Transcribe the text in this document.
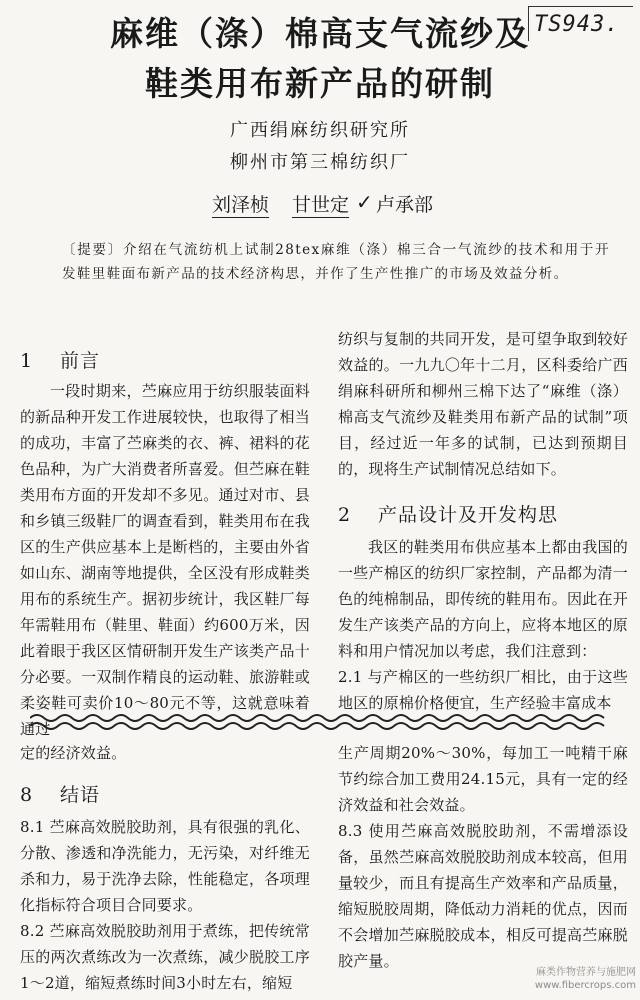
TS943.
麻维（涤）棉高支气流纱及
鞋类用布新产品的研制
广西绢麻纺织研究所
柳州市第三棉纺织厂
刘泽桢 甘世定 ✓ 卢承部
〔提要〕介绍在气流纺机上试制28tex麻维（涤）棉三合一气流纱的技术和用于开发鞋里鞋面布新产品的技术经济构思，并作了生产性推广的市场及效益分析。
1 前言

一段时期来，苎麻应用于纺织服装面料的新品种开发工作进展较快，也取得了相当的成功，丰富了苎麻类的衣、裤、裙料的花色品种，为广大消费者所喜爱。但苎麻在鞋类用布方面的开发却不多见。通过对市、县和乡镇三级鞋厂的调查看到，鞋类用布在我区的生产供应基本上是断档的，主要由外省如山东、湖南等地提供，全区没有形成鞋类用布的系统生产。据初步统计，我区鞋厂每年需鞋用布（鞋里、鞋面）约600万米，因此着眼于我区区情研制开发生产该类产品十分必要。一双制作精良的运动鞋、旅游鞋或柔姿鞋可卖价10～80元不等，这就意味着通过

纺织与复制的共同开发，是可望争取到较好效益的。一九九〇年十二月，区科委给广西绢麻科研所和柳州三棉下达了“麻维（涤）棉高支气流纱及鞋类用布新产品的试制”项目，经过近一年多的试制，已达到预期目的，现将生产试制情况总结如下。

2 产品设计及开发构思

我区的鞋类用布供应基本上都由我国的一些产棉区的纺织厂家控制，产品都为清一色的纯棉制品，即传统的鞋用布。因此在开发生产该类产品的方向上，应将本地区的原料和用户情况加以考虑，我们注意到：

2.1 与产棉区的一些纺织厂相比，由于这些地区的原棉价格便宜，生产经验丰富成本

定的经济效益。

8 结语

8.1 苎麻高效脱胶助剂，具有很强的乳化、分散、渗透和净洗能力，无污染，对纤维无杀和力，易于洗净去除，性能稳定，各项理化指标符合项目合同要求。

8.2 苎麻高效脱胶助剂用于煮练，把传统常压的两次煮练改为一次煮练，减少脱胶工序1～2道，缩短煮练时间3小时左右，缩短

生产周期20%～30%，每加工一吨精干麻节约综合加工费用24.15元，具有一定的经济效益和社会效益。

8.3 使用苎麻高效脱胶助剂，不需增添设备，虽然苎麻高效脱胶助剂成本较高，但用量较少，而且有提高生产效率和产品质量，缩短脱胶周期，降低动力消耗的优点，因而不会增加苎麻脱胶成本，相反可提高苎麻脱胶产量。

麻类作物营养与施肥网
www.fibercrops.com
